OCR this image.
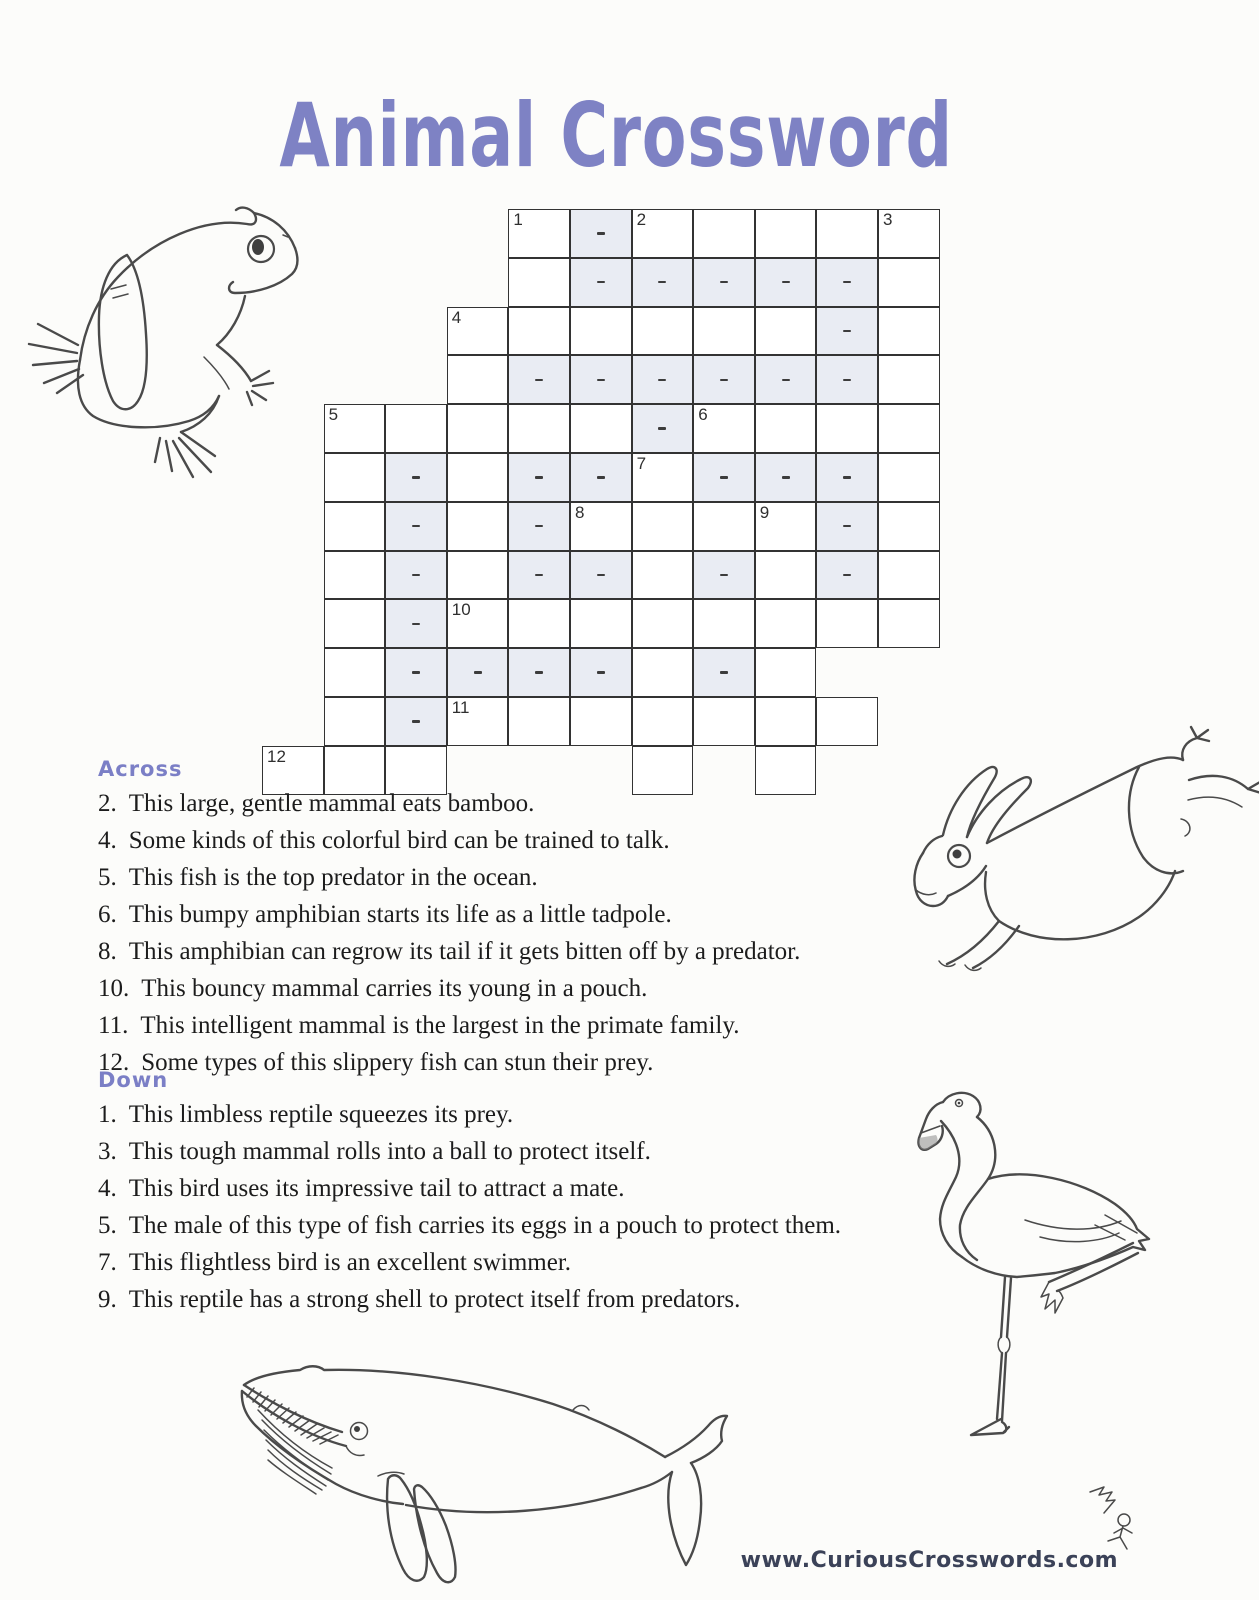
Animal Crossword
1	2	3
4
5	6
7
8	9
10
11
12
Across
2. This large, gentle mammal eats bamboo.
4. Some kinds of this colorful bird can be trained to talk.
5. This fish is the top predator in the ocean.
6. This bumpy amphibian starts its life as a little tadpole.
8. This amphibian can regrow its tail if it gets bitten off by a predator.
10. This bouncy mammal carries its young in a pouch.
11. This intelligent mammal is the largest in the primate family.
12. Some types of this slippery fish can stun their prey.
Down
1. This limbless reptile squeezes its prey.
3. This tough mammal rolls into a ball to protect itself.
4. This bird uses its impressive tail to attract a mate.
5. The male of this type of fish carries its eggs in a pouch to protect them.
7. This flightless bird is an excellent swimmer.
9. This reptile has a strong shell to protect itself from predators.
www.CuriousCrosswords.com
